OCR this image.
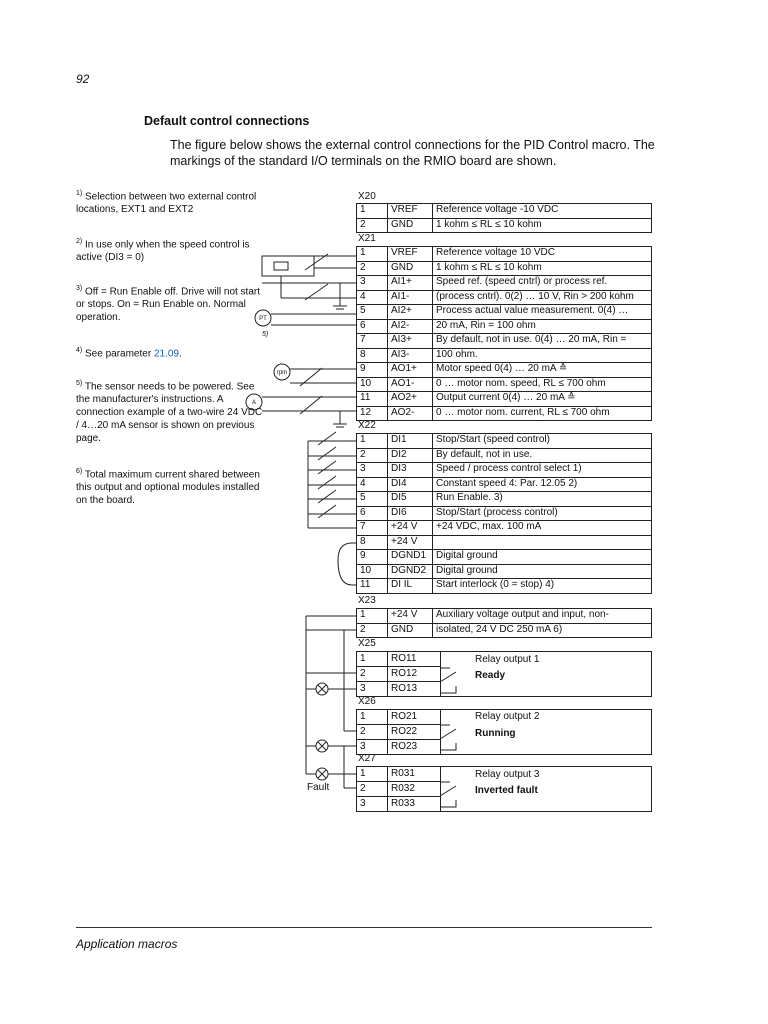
92
Default control connections
The figure below shows the external control connections for the PID Control macro. The markings of the standard I/O terminals on the RMIO board are shown.
$^{1)}$ Selection between two external control locations, EXT1 and EXT2
$^{2)}$ In use only when the speed control is active (DI3 = 0)
$^{3)}$ Off = Run Enable off. Drive will not start or stops. On = Run Enable on. Normal operation.
$^{4)}$ See parameter 21.09.
$^{5)}$ The sensor needs to be powered. See the manufacturer's instructions. A connection example of a two-wire 24 VDC / 4…20 mA sensor is shown on previous page.
$^{6)}$ Total maximum current shared between this output and optional modules installed on the board.
PT
rpm
A
5)
X20
1	VREF	Reference voltage -10 VDC
2	GND	1 kohm ≤ RL ≤ 10 kohm
X21
1	VREF	Reference voltage 10 VDC
2	GND	1 kohm ≤ RL ≤ 10 kohm
3	AI1+	Speed ref. (speed cntrl) or process ref.
4	AI1-	(process cntrl). 0(2) … 10 V, Rin > 200 kohm
5	AI2+	Process actual value measurement. 0(4) …
6	AI2-	20 mA, Rin = 100 ohm
7	AI3+	By default, not in use. 0(4) … 20 mA, Rin =
8	AI3-	100 ohm.
9	AO1+	Motor speed 0(4) … 20 mA ≙
10	AO1-	0 … motor nom. speed, RL ≤ 700 ohm
11	AO2+	Output current 0(4) … 20 mA ≙
12	AO2-	0 … motor nom. current, RL ≤ 700 ohm
X22
1	DI1	Stop/Start (speed control)
2	DI2	By default, not in use.
3	DI3	Speed / process control select 1)
4	DI4	Constant speed 4: Par. 12.05 2)
5	DI5	Run Enable. 3)
6	DI6	Stop/Start (process control)
7	+24 V	+24 VDC, max. 100 mA
8	+24 V	
9	DGND1	Digital ground
10	DGND2	Digital ground
11	DI IL	Start interlock (0 = stop) 4)
X23
1	+24 V	Auxiliary voltage output and input, non-
2	GND	isolated, 24 V DC 250 mA 6)
X25
1	RO11	
2	RO12	
3	RO13	
Relay output 1
Ready
X26
1	RO21	
2	RO22	
3	RO23	
Relay output 2
Running
X27
1	R031	
2	R032	
3	R033	
Relay output 3
Inverted fault
Fault
Application macros
